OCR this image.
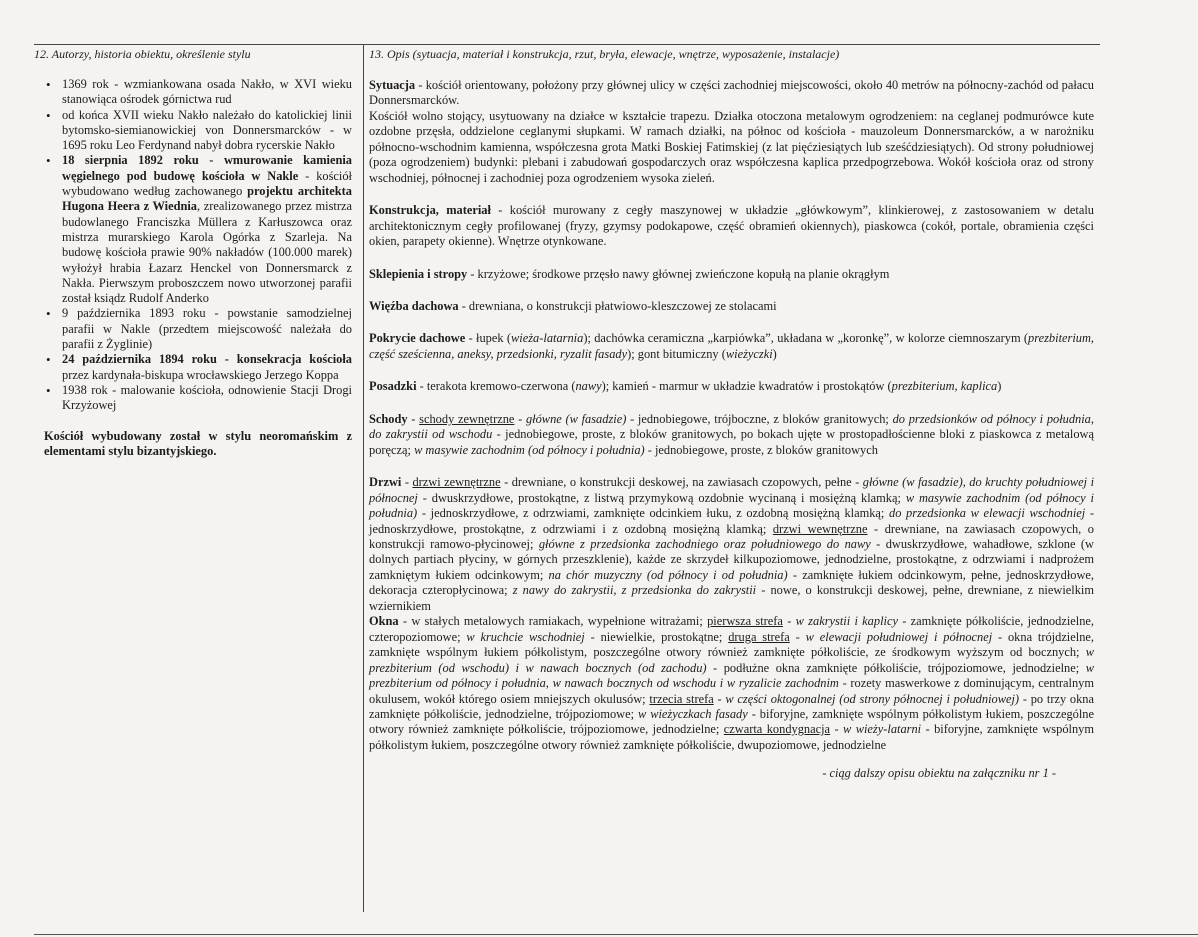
12. Autorzy, historia obiektu, określenie stylu
• 1369 rok - wzmiankowana osada Nakło, w XVI wieku stanowiąca ośrodek górnictwa rud
• od końca XVII wieku Nakło należało do katolickiej linii bytomsko-siemianowickiej von Donnersmarcków - w 1695 roku Leo Ferdynand nabył dobra rycerskie Nakło
• 18 sierpnia 1892 roku - wmurowanie kamienia węgielnego pod budowę kościoła w Nakle - kościół wybudowano według zachowanego projektu architekta Hugona Heera z Wiednia, zrealizowanego przez mistrza budowlanego Franciszka Müllera z Karłuszowca oraz mistrza murarskiego Karola Ogórka z Szarleja. Na budowę kościoła prawie 90% nakładów (100.000 marek) wyłożył hrabia Łazarz Henckel von Donnersmarck z Nakła. Pierwszym proboszczem nowo utworzonej parafii został ksiądz Rudolf Anderko
• 9 października 1893 roku - powstanie samodzielnej parafii w Nakle (przedtem miejscowość należała do parafii z Żyglinie)
• 24 października 1894 roku - konsekracja kościoła przez kardynała-biskupa wrocławskiego Jerzego Koppa
• 1938 rok - malowanie kościoła, odnowienie Stacji Drogi Krzyżowej

Kościół wybudowany został w stylu neoromańskim z elementami stylu bizantyjskiego.

13. Opis (sytuacja, materiał i konstrukcja, rzut, bryła, elewacje, wnętrze, wyposażenie, instalacje)

Sytuacja - kościół orientowany, położony przy głównej ulicy w części zachodniej miejscowości, około 40 metrów na północny-zachód od pałacu Donnersmarcków.

Kościół wolno stojący, usytuowany na działce w kształcie trapezu. Działka otoczona metalowym ogrodzeniem: na ceglanej podmurówce kute ozdobne przęsła, oddzielone ceglanymi słupkami. W ramach działki, na północ od kościoła - mauzoleum Donnersmarcków, a w narożniku północno-wschodnim kamienna, współczesna grota Matki Boskiej Fatimskiej (z lat pięćziesiątych lub sześćdziesiątych). Od strony południowej (poza ogrodzeniem) budynki: plebani i zabudowań gospodarczych oraz współczesna kaplica przedpogrzebowa. Wokół kościoła oraz od strony wschodniej, północnej i zachodniej poza ogrodzeniem wysoka zieleń.

Konstrukcja, materiał - kościół murowany z cegły maszynowej w układzie „główkowym”, klinkierowej, z zastosowaniem w detalu architektonicznym cegły profilowanej (fryzy, gzymsy podokapowe, część obramień okiennych), piaskowca (cokół, portale, obramienia części okien, parapety okienne). Wnętrze otynkowane.

Sklepienia i stropy - krzyżowe; środkowe przęsło nawy głównej zwieńczone kopułą na planie okrągłym

Więźba dachowa - drewniana, o konstrukcji płatwiowo-kleszczowej ze stolacami

Pokrycie dachowe - łupek (wieża-latarnia); dachówka ceramiczna „karpiówka”, układana w „koronkę”, w kolorze ciemnoszarym (prezbiterium, część sześcienna, aneksy, przedsionki, ryzalit fasady); gont bitumiczny (wieżyczki)

Posadzki - terakota kremowo-czerwona (nawy); kamień - marmur w układzie kwadratów i prostokątów (prezbiterium, kaplica)

Schody - schody zewnętrzne - główne (w fasadzie) - jednobiegowe, trójboczne, z bloków granitowych; do przedsionków od północy i południa, do zakrystii od wschodu - jednobiegowe, proste, z bloków granitowych, po bokach ujęte w prostopadłościenne bloki z piaskowca z metalową poręczą; w masywie zachodnim (od północy i południa) - jednobiegowe, proste, z bloków granitowych

Drzwi - drzwi zewnętrzne - drewniane, o konstrukcji deskowej, na zawiasach czopowych, pełne - główne (w fasadzie), do kruchty południowej i północnej - dwuskrzydłowe, prostokątne, z listwą przymykową ozdobnie wycinaną i mosiężną klamką; w masywie zachodnim (od północy i południa) - jednoskrzydłowe, z odrzwiami, zamknięte odcinkiem łuku, z ozdobną mosiężną klamką; do przedsionka w elewacji wschodniej - jednoskrzydłowe, prostokątne, z odrzwiami i z ozdobną mosiężną klamką; drzwi wewnętrzne - drewniane, na zawiasach czopowych, o konstrukcji ramowo-płycinowej; główne z przedsionka zachodniego oraz południowego do nawy - dwuskrzydłowe, wahadłowe, szklone (w dolnych partiach płyciny, w górnych przeszklenie), każde ze skrzydeł kilkupoziomowe, jednodzielne, prostokątne, z odrzwiami i nadprożem zamkniętym łukiem odcinkowym; na chór muzyczny (od północy i od południa) - zamknięte łukiem odcinkowym, pełne, jednoskrzydłowe, dekoracja czteropłycinowa; z nawy do zakrystii, z przedsionka do zakrystii - nowe, o konstrukcji deskowej, pełne, drewniane, z niewielkim wziernikiem

Okna - w stałych metalowych ramiakach, wypełnione witrażami; pierwsza strefa - w zakrystii i kaplicy - zamknięte półkoliście, jednodzielne, czteropoziomowe; w kruchcie wschodniej - niewielkie, prostokątne; druga strefa - w elewacji południowej i północnej - okna trójdzielne, zamknięte wspólnym łukiem półkolistym, poszczególne otwory również zamknięte półkoliście, ze środkowym wyższym od bocznych; w prezbiterium (od wschodu) i w nawach bocznych (od zachodu) - podłużne okna zamknięte półkoliście, trójpoziomowe, jednodzielne; w prezbiterium od północy i południa, w nawach bocznych od wschodu i w ryzalicie zachodnim - rozety maswerkowe z dominującym, centralnym okulusem, wokół którego osiem mniejszych okulusów; trzecia strefa - w części oktogonalnej (od strony północnej i południowej) - po trzy okna zamknięte półkoliście, jednodzielne, trójpoziomowe; w wieżyczkach fasady - biforyjne, zamknięte wspólnym półkolistym łukiem, poszczególne otwory również zamknięte półkoliście, trójpoziomowe, jednodzielne; czwarta kondygnacja - w wieży-latarni - biforyjne, zamknięte wspólnym półkolistym łukiem, poszczególne otwory również zamknięte półkoliście, dwupoziomowe, jednodzielne

- ciąg dalszy opisu obiektu na załączniku nr 1 -
